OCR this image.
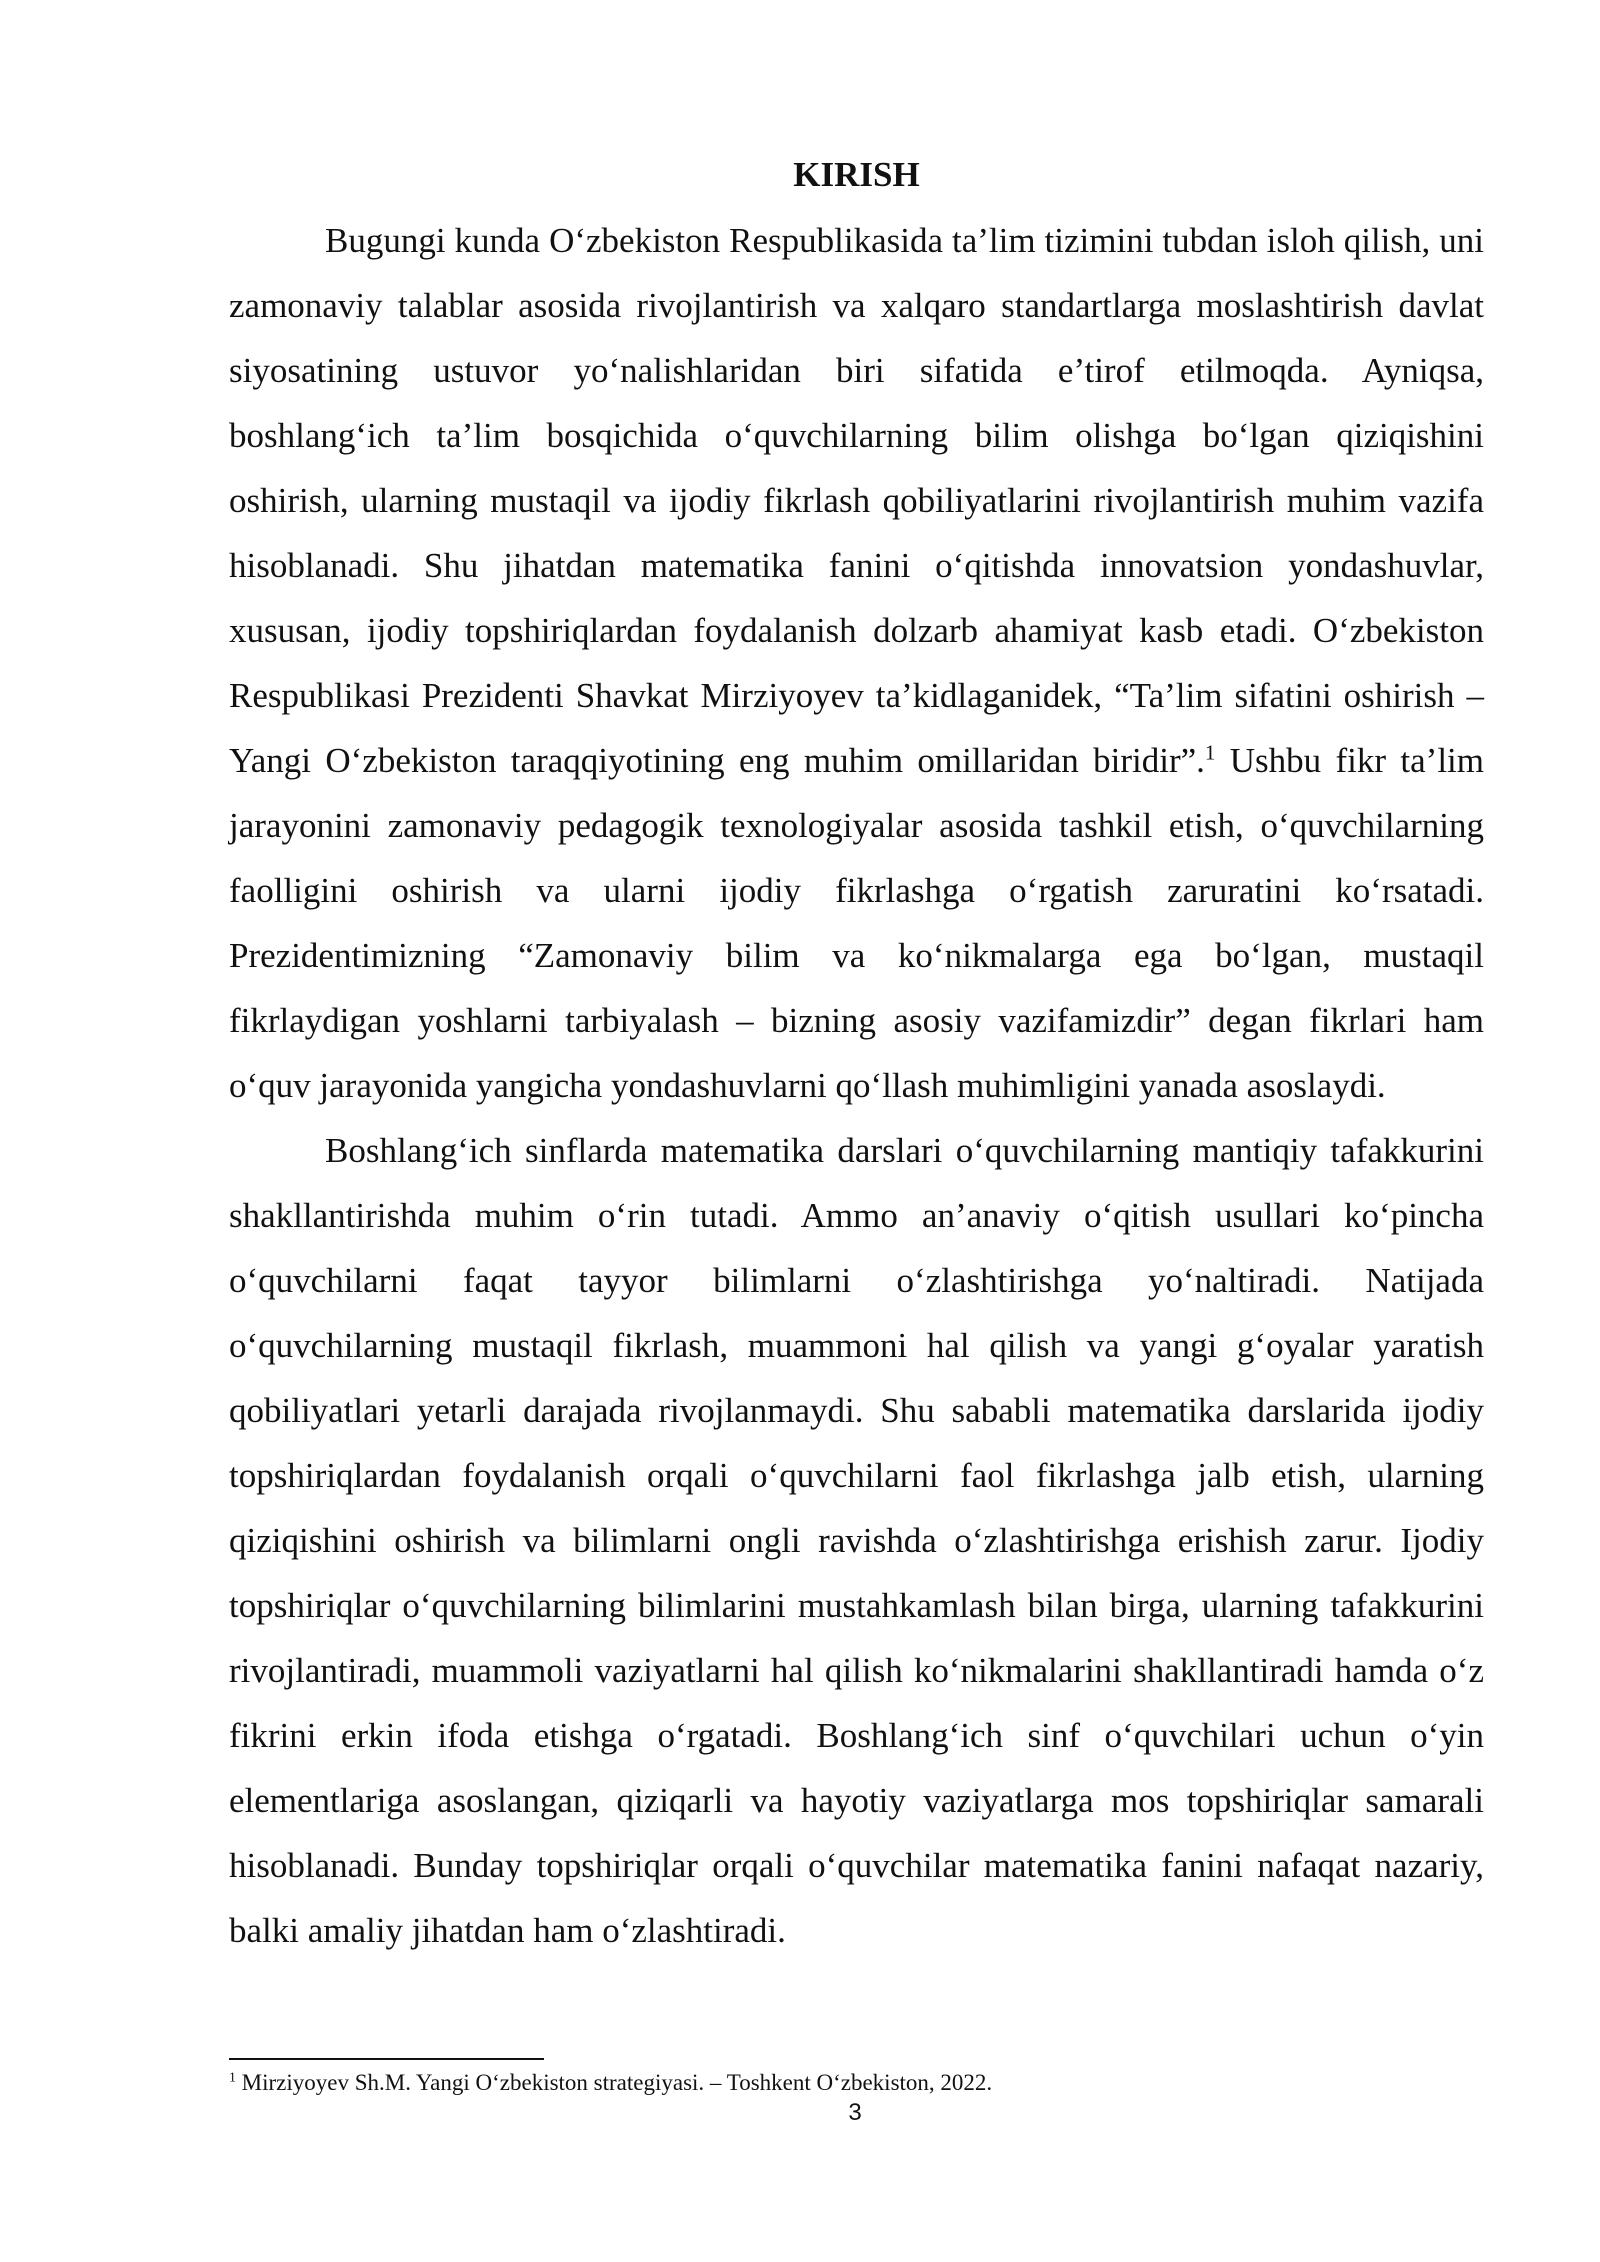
KIRISH

Bugungi kunda O‘zbekiston Respublikasida ta’lim tizimini tubdan isloh qilish, uni zamonaviy talablar asosida rivojlantirish va xalqaro standartlarga moslashtirish davlat siyosatining ustuvor yo‘nalishlaridan biri sifatida e’tirof etilmoqda. Ayniqsa, boshlang‘ich ta’lim bosqichida o‘quvchilarning bilim olishga bo‘lgan qiziqishini oshirish, ularning mustaqil va ijodiy fikrlash qobiliyatlarini rivojlantirish muhim vazifa hisoblanadi. Shu jihatdan matematika fanini o‘qitishda innovatsion yondashuvlar, xususan, ijodiy topshiriqlardan foydalanish dolzarb ahamiyat kasb etadi. O‘zbekiston Respublikasi Prezidenti Shavkat Mirziyoyev ta’kidlaganidek, “Ta’lim sifatini oshirish – Yangi O‘zbekiston taraqqiyotining eng muhim omillaridan biridir”.$^1$ Ushbu fikr ta’lim jarayonini zamonaviy pedagogik texnologiyalar asosida tashkil etish, o‘quvchilarning faolligini oshirish va ularni ijodiy fikrlashga o‘rgatish zaruratini ko‘rsatadi. Prezidentimizning “Zamonaviy bilim va ko‘nikmalarga ega bo‘lgan, mustaqil fikrlaydigan yoshlarni tarbiyalash – bizning asosiy vazifamizdir” degan fikrlari ham o‘quv jarayonida yangicha yondashuvlarni qo‘llash muhimligini yanada asoslaydi.

Boshlang‘ich sinflarda matematika darslari o‘quvchilarning mantiqiy tafakkurini shakllantirishda muhim o‘rin tutadi. Ammo an’anaviy o‘qitish usullari ko‘pincha o‘quvchilarni faqat tayyor bilimlarni o‘zlashtirishga yo‘naltiradi. Natijada o‘quvchilarning mustaqil fikrlash, muammoni hal qilish va yangi g‘oyalar yaratish qobiliyatlari yetarli darajada rivojlanmaydi. Shu sababli matematika darslarida ijodiy topshiriqlardan foydalanish orqali o‘quvchilarni faol fikrlashga jalb etish, ularning qiziqishini oshirish va bilimlarni ongli ravishda o‘zlashtirishga erishish zarur. Ijodiy topshiriqlar o‘quvchilarning bilimlarini mustahkamlash bilan birga, ularning tafakkurini rivojlantiradi, muammoli vaziyatlarni hal qilish ko‘nikmalarini shakllantiradi hamda o‘z fikrini erkin ifoda etishga o‘rgatadi. Boshlang‘ich sinf o‘quvchilari uchun o‘yin elementlariga asoslangan, qiziqarli va hayotiy vaziyatlarga mos topshiriqlar samarali hisoblanadi. Bunday topshiriqlar orqali o‘quvchilar matematika fanini nafaqat nazariy, balki amaliy jihatdan ham o‘zlashtiradi.

$^1$ Mirziyoyev Sh.M. Yangi O‘zbekiston strategiyasi. – Toshkent O‘zbekiston, 2022.

3
